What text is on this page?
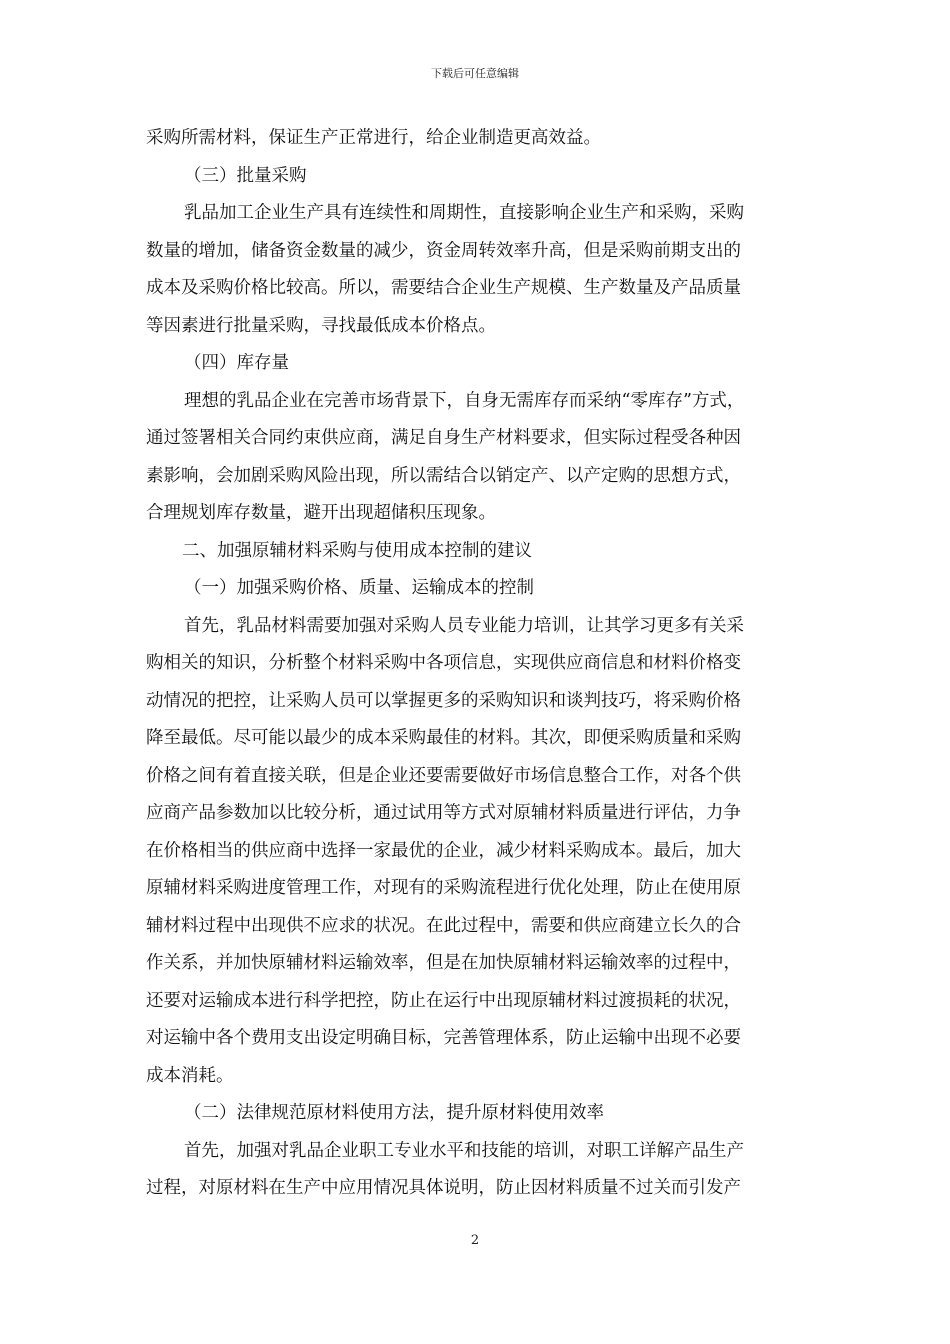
下载后可任意编辑
采购所需材料，保证生产正常进行，给企业制造更高效益。
（三）批量采购
乳品加工企业生产具有连续性和周期性，直接影响企业生产和采购，采购
数量的增加，储备资金数量的减少，资金周转效率升高，但是采购前期支出的
成本及采购价格比较高。所以，需要结合企业生产规模、生产数量及产品质量
等因素进行批量采购，寻找最低成本价格点。
（四）库存量
理想的乳品企业在完善市场背景下，自身无需库存而采纳“零库存”方式，
通过签署相关合同约束供应商，满足自身生产材料要求，但实际过程受各种因
素影响，会加剧采购风险出现，所以需结合以销定产、以产定购的思想方式，
合理规划库存数量，避开出现超储积压现象。
二、加强原辅材料采购与使用成本控制的建议
（一）加强采购价格、质量、运输成本的控制
首先，乳品材料需要加强对采购人员专业能力培训，让其学习更多有关采
购相关的知识，分析整个材料采购中各项信息，实现供应商信息和材料价格变
动情况的把控，让采购人员可以掌握更多的采购知识和谈判技巧，将采购价格
降至最低。尽可能以最少的成本采购最佳的材料。其次，即便采购质量和采购
价格之间有着直接关联，但是企业还要需要做好市场信息整合工作，对各个供
应商产品参数加以比较分析，通过试用等方式对原辅材料质量进行评估，力争
在价格相当的供应商中选择一家最优的企业，减少材料采购成本。最后，加大
原辅材料采购进度管理工作，对现有的采购流程进行优化处理，防止在使用原
辅材料过程中出现供不应求的状况。在此过程中，需要和供应商建立长久的合
作关系，并加快原辅材料运输效率，但是在加快原辅材料运输效率的过程中，
还要对运输成本进行科学把控，防止在运行中出现原辅材料过渡损耗的状况，
对运输中各个费用支出设定明确目标，完善管理体系，防止运输中出现不必要
成本消耗。
（二）法律规范原材料使用方法，提升原材料使用效率
首先，加强对乳品企业职工专业水平和技能的培训，对职工详解产品生产
过程，对原材料在生产中应用情况具体说明，防止因材料质量不过关而引发产
2
